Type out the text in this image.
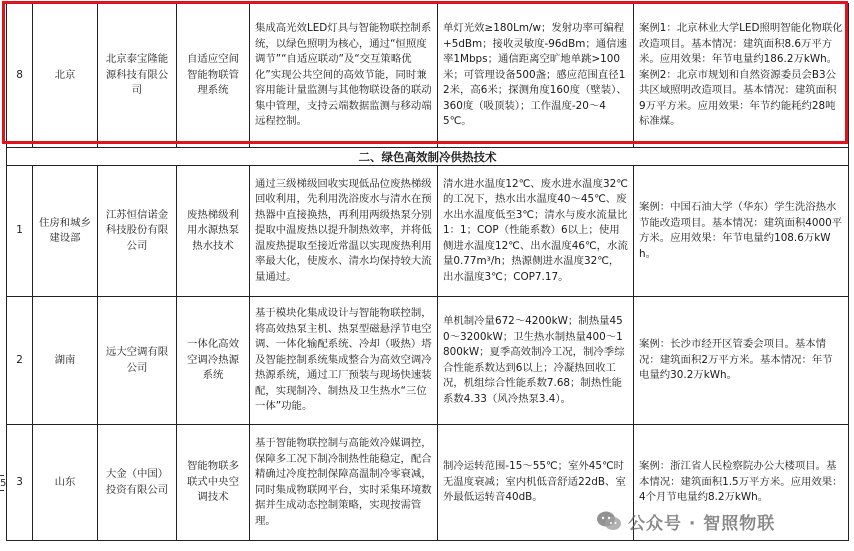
8	北京	北京泰宝隆能源科技有限公司	自适应空间智能物联管理系统	集成高光效LED灯具与智能物联控制系统，以绿色照明为核心，通过“恒照度调节”“自适应联动”及“交互策略优化”实现公共空间的高效节能，同时兼容用能计量监测与其他物联设备的联动集中管理，支持云端数据监测与移动端远程控制。	单灯光效≥180Lm/w；发射功率可编程+5dBm；接收灵敏度-96dBm；通信速率1Mbps；通信距离空旷地单跳>100米；可管理设备500盏；感应范围直径12米，高6米；探测角度160度（壁装）、360度（吸顶装）；工作温度-20～45℃。	案例1：北京林业大学LED照明智能化物联化改造项目。基本情况：建筑面积8.6万平方米。应用效果：年节电量约186.2万kWh。
案例2：北京市规划和自然资源委员会B3公共区域照明改造项目。基本情况：建筑面积9万平方米。应用效果：年节约能耗约28吨标准煤。
二、绿色高效制冷供热技术						
1	住房和城乡建设部	江苏恒信诺金科技股份有限公司	废热梯级利用水源热泵热水技术	通过三级梯级回收实现低品位废热梯级回收利用，先利用洗浴废水与清水在预热器中直接换热，再利用两级热泵分别提取中温废热以提升制热效率，并将低温废热提取至接近常温以实现废热利用率最大化，使废水、清水均保持较大流量通过。	清水进水温度12℃、废水进水温度32℃的工况下，热水出水温度40～45℃、废水出水温度低至3℃；清水与废水流量比1：1；COP（性能系数）6以上；使用侧进水温度12℃、出水温度46℃，水流量0.77m³/h；热源侧进水温度32℃，出水温度3℃；COP7.17。	案例：中国石油大学（华东）学生洗浴热水节能改造项目。基本情况：建筑面积4000平方米。应用效果：年节电量约108.6万kWh。
2	湖南	远大空调有限公司	一体化高效空调冷热源系统	基于模块化集成设计与智能物联控制，将高效热泵主机、热泵型磁悬浮节电空调、一体化输配系统、冷却（吸热）塔及智能控制系统集成整合为高效空调冷热源系统，通过工厂预装与现场快速装配，实现制冷、制热及卫生热水“三位一体”功能。	单机制冷量672～4200kW；制热量450～3200kW；卫生热水制热量400～1800kW；夏季高效制冷工况，制冷季综合性能系数达到6以上；冷凝热回收工况，机组综合性能系数7.68；制热性能系数4.33（风冷热泵3.4）。	案例：长沙市经开区管委会项目。基本情况：建筑面积2万平方米。基本情况：年节电量约30.2万kWh。
3	山东	大金（中国）投资有限公司	智能物联多联式中央空调技术	基于智能物联控制与高能效冷媒调控，保障多工况下制冷制热性能稳定，配合精确过冷度控制保障高温制冷零衰减，同时集成物联网平台，实时采集环境数据并生成动态控制策略，实现按需管理。	制冷运转范围-15～55℃；室外45℃时无温度衰减；室内机低音舒适22dB、室外最低运转音40dB。	案例：浙江省人民检察院办公大楼项目。基本情况：建筑面积1.5万平方米。应用效果：4个月节电量约8.2万kWh。
5
公众号 · 智照物联
